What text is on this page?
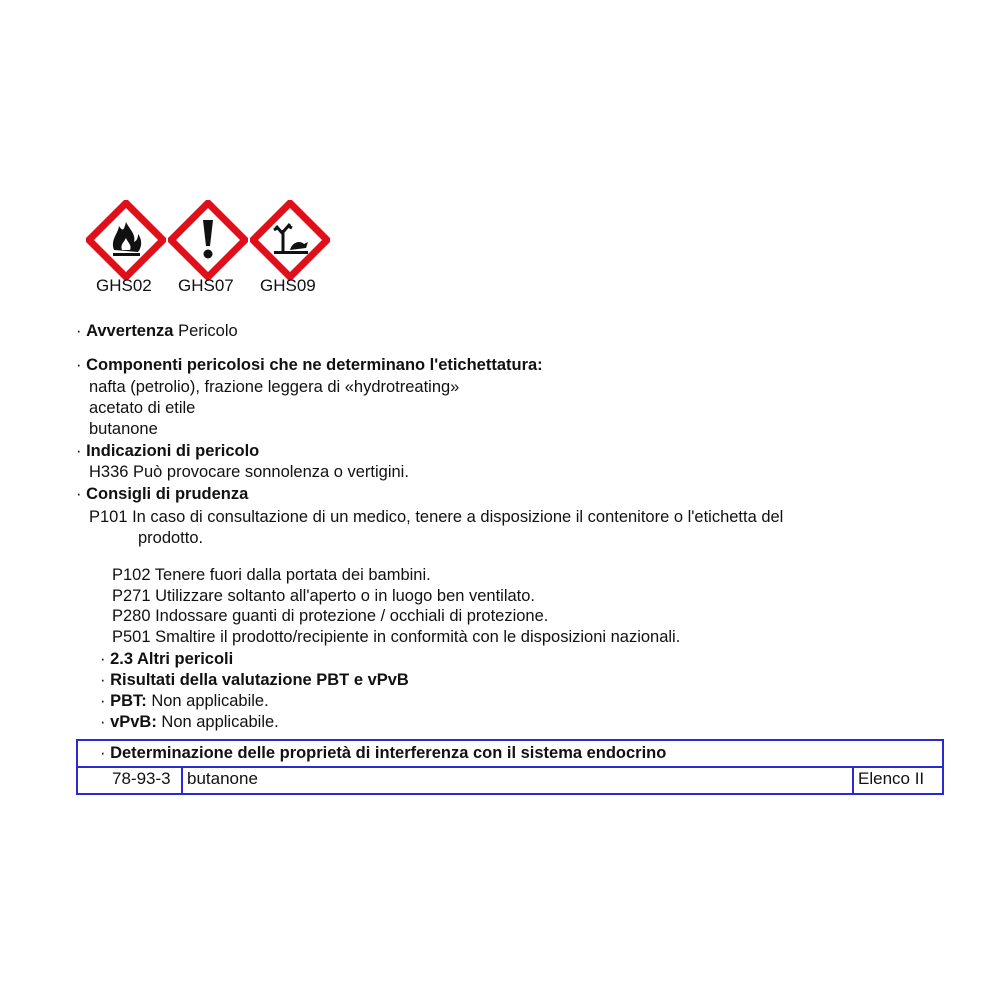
GHS02 GHS07 GHS09
· Avvertenza Pericolo
· Componenti pericolosi che ne determinano l'etichettatura:
nafta (petrolio), frazione leggera di «hydrotreating»
acetato di etile
butanone
· Indicazioni di pericolo
H336 Può provocare sonnolenza o vertigini.
· Consigli di prudenza
P101 In caso di consultazione di un medico, tenere a disposizione il contenitore o l'etichetta del
prodotto.
P102 Tenere fuori dalla portata dei bambini.
P271 Utilizzare soltanto all'aperto o in luogo ben ventilato.
P280 Indossare guanti di protezione / occhiali di protezione.
P501 Smaltire il prodotto/recipiente in conformità con le disposizioni nazionali.
· 2.3 Altri pericoli
· Risultati della valutazione PBT e vPvB
· PBT: Non applicabile.
· vPvB: Non applicabile.
· Determinazione delle proprietà di interferenza con il sistema endocrino
78-93-3 butanone	Elenco II
